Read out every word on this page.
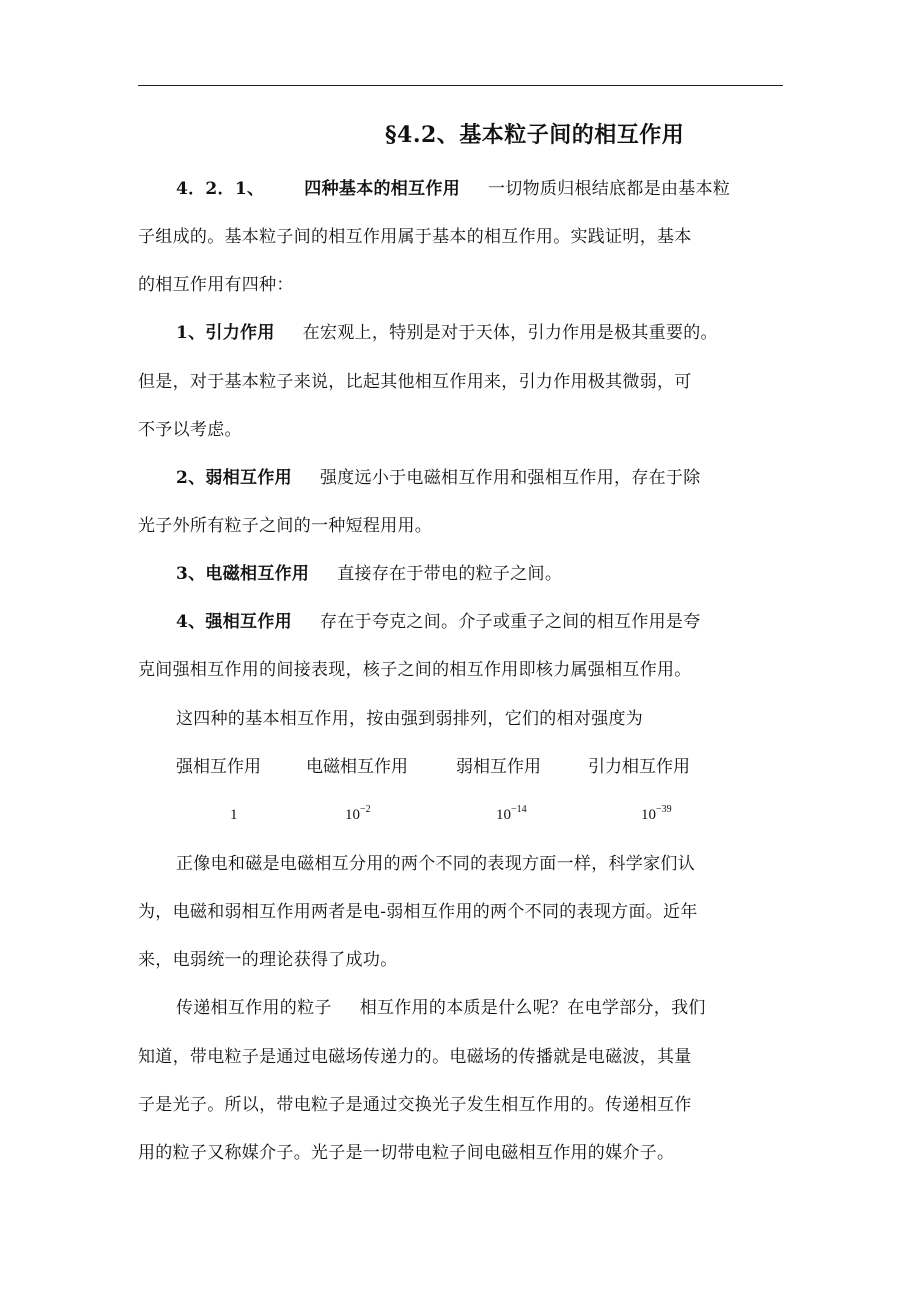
§4.2、基本粒子间的相互作用
4．2．1、 四种基本的相互作用 一切物质归根结底都是由基本粒
子组成的。基本粒子间的相互作用属于基本的相互作用。实践证明，基本
的相互作用有四种：
1、引力作用 在宏观上，特别是对于天体，引力作用是极其重要的。
但是，对于基本粒子来说，比起其他相互作用来，引力作用极其微弱，可
不予以考虑。
2、弱相互作用 强度远小于电磁相互作用和强相互作用，存在于除
光子外所有粒子之间的一种短程用用。
3、电磁相互作用 直接存在于带电的粒子之间。
4、强相互作用 存在于夸克之间。介子或重子之间的相互作用是夸
克间强相互作用的间接表现，核子之间的相互作用即核力属强相互作用。
这四种的基本相互作用，按由强到弱排列，它们的相对强度为
强相互作用	电磁相互作用	弱相互作用	引力相互作用
1	$10^{-2}$	$10^{-14}$	$10^{-39}$
正像电和磁是电磁相互分用的两个不同的表现方面一样，科学家们认
为，电磁和弱相互作用两者是电-弱相互作用的两个不同的表现方面。近年
来，电弱统一的理论获得了成功。
传递相互作用的粒子 相互作用的本质是什么呢？在电学部分，我们
知道，带电粒子是通过电磁场传递力的。电磁场的传播就是电磁波，其量
子是光子。所以，带电粒子是通过交换光子发生相互作用的。传递相互作
用的粒子又称媒介子。光子是一切带电粒子间电磁相互作用的媒介子。
